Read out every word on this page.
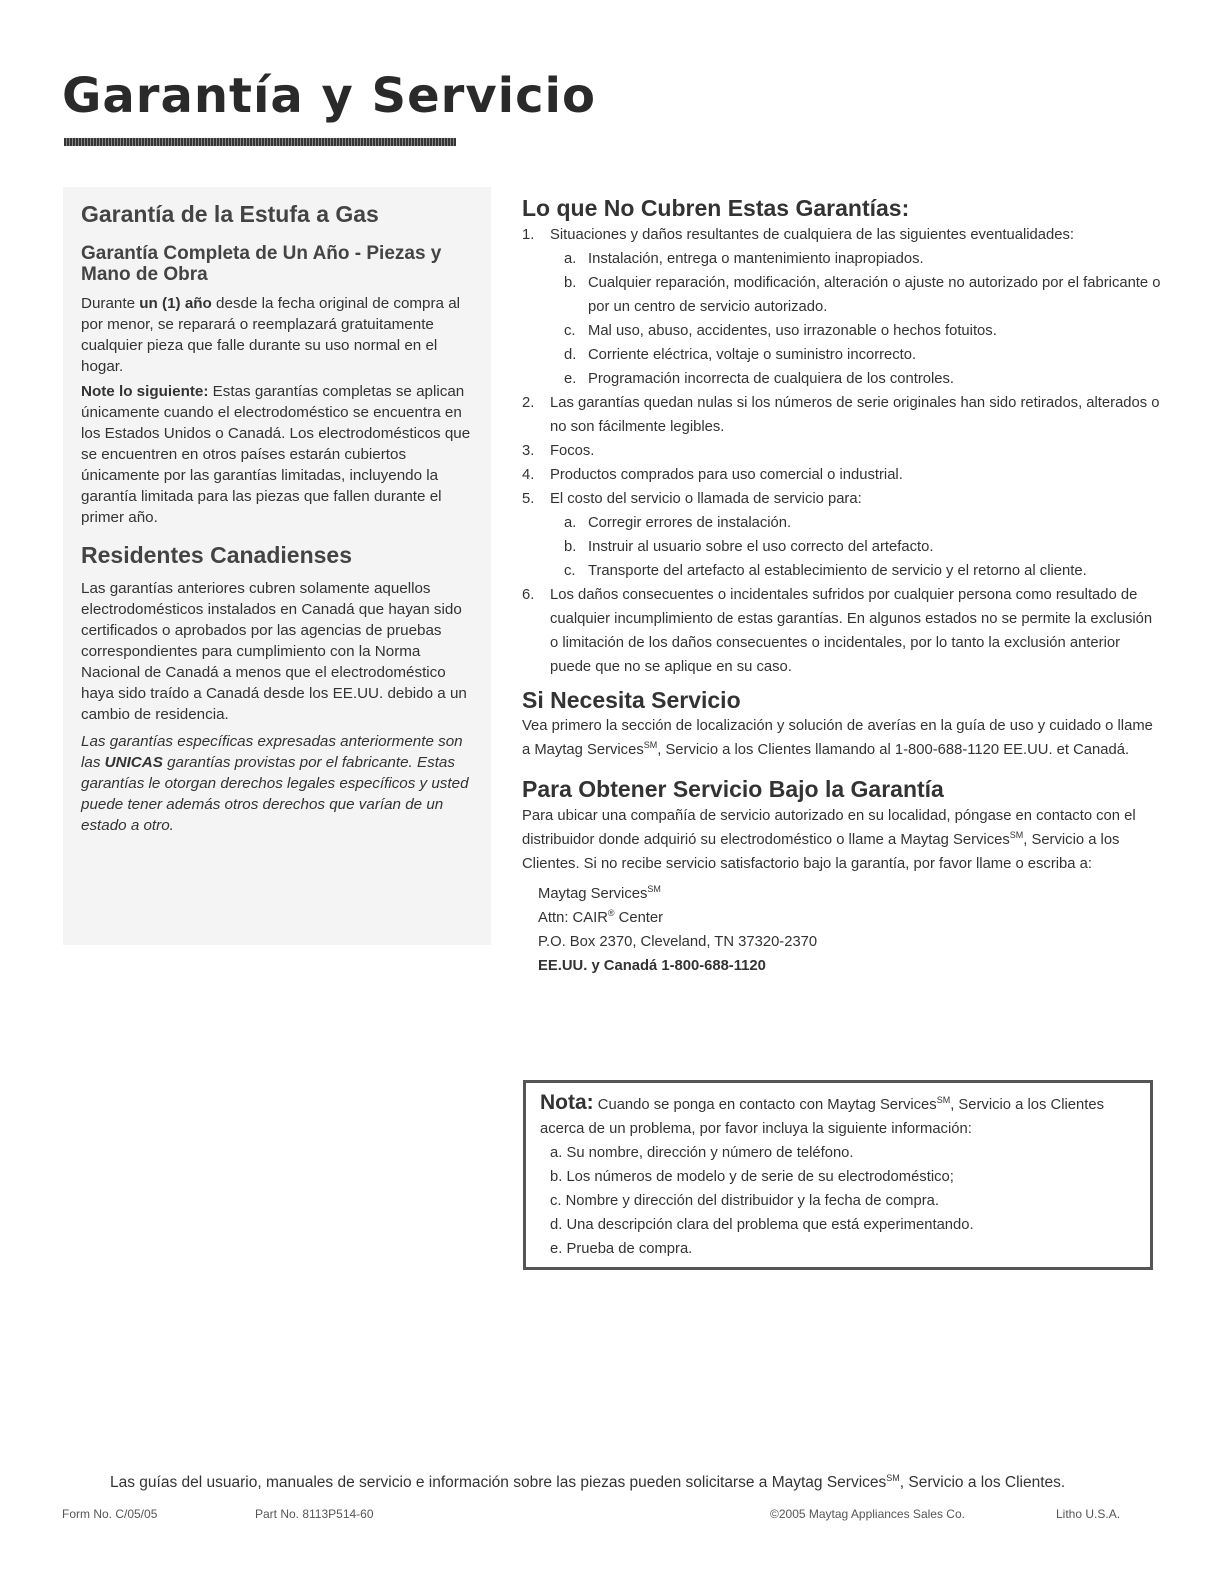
Garantía y Servicio
Garantía de la Estufa a Gas
Garantía Completa de Un Año - Piezas y Mano de Obra

Durante un (1) año desde la fecha original de compra al por menor, se reparará o reemplazará gratuitamente cualquier pieza que falle durante su uso normal en el hogar.

Note lo siguiente: Estas garantías completas se aplican únicamente cuando el electrodoméstico se encuentra en los Estados Unidos o Canadá. Los electrodomésticos que se encuentren en otros países estarán cubiertos únicamente por las garantías limitadas, incluyendo la garantía limitada para las piezas que fallen durante el primer año.

Residentes Canadienses

Las garantías anteriores cubren solamente aquellos electrodomésticos instalados en Canadá que hayan sido certificados o aprobados por las agencias de pruebas correspondientes para cumplimiento con la Norma Nacional de Canadá a menos que el electrodoméstico haya sido traído a Canadá desde los EE.UU. debido a un cambio de residencia.

Las garantías específicas expresadas anteriormente son las UNICAS garantías provistas por el fabricante. Estas garantías le otorgan derechos legales específicos y usted puede tener además otros derechos que varían de un estado a otro.

Lo que No Cubren Estas Garantías:
1. Situaciones y daños resultantes de cualquiera de las siguientes eventualidades:
a. Instalación, entrega o mantenimiento inapropiados.
b. Cualquier reparación, modificación, alteración o ajuste no autorizado por el fabricante o por un centro de servicio autorizado.
c. Mal uso, abuso, accidentes, uso irrazonable o hechos fotuitos.
d. Corriente eléctrica, voltaje o suministro incorrecto.
e. Programación incorrecta de cualquiera de los controles.
2. Las garantías quedan nulas si los números de serie originales han sido retirados, alterados o no son fácilmente legibles.
3. Focos.
4. Productos comprados para uso comercial o industrial.
5. El costo del servicio o llamada de servicio para:
a. Corregir errores de instalación.
b. Instruir al usuario sobre el uso correcto del artefacto.
c. Transporte del artefacto al establecimiento de servicio y el retorno al cliente.
6. Los daños consecuentes o incidentales sufridos por cualquier persona como resultado de cualquier incumplimiento de estas garantías. En algunos estados no se permite la exclusión o limitación de los daños consecuentes o incidentales, por lo tanto la exclusión anterior puede que no se aplique en su caso.
Si Necesita Servicio
Vea primero la sección de localización y solución de averías en la guía de uso y cuidado o llame a Maytag Services℠, Servicio a los Clientes llamando al 1-800-688-1120 EE.UU. et Canadá.
Para Obtener Servicio Bajo la Garantía
Para ubicar una compañía de servicio autorizado en su localidad, póngase en contacto con el distribuidor donde adquirió su electrodoméstico o llame a Maytag Services℠, Servicio a los Clientes. Si no recibe servicio satisfactorio bajo la garantía, por favor llame o escriba a:
Maytag Services℠
Attn: CAIR® Center
P.O. Box 2370, Cleveland, TN 37320-2370
EE.UU. y Canadá 1-800-688-1120
Nota: Cuando se ponga en contacto con Maytag Services℠, Servicio a los Clientes acerca de un problema, por favor incluya la siguiente información:
a. Su nombre, dirección y número de teléfono.
b. Los números de modelo y de serie de su electrodoméstico;
c. Nombre y dirección del distribuidor y la fecha de compra.
d. Una descripción clara del problema que está experimentando.
e. Prueba de compra.
Las guías del usuario, manuales de servicio e información sobre las piezas pueden solicitarse a Maytag Services℠, Servicio a los Clientes.
Form No. C/05/05	Part No. 8113P514-60	©2005 Maytag Appliances Sales Co.	Litho U.S.A.
